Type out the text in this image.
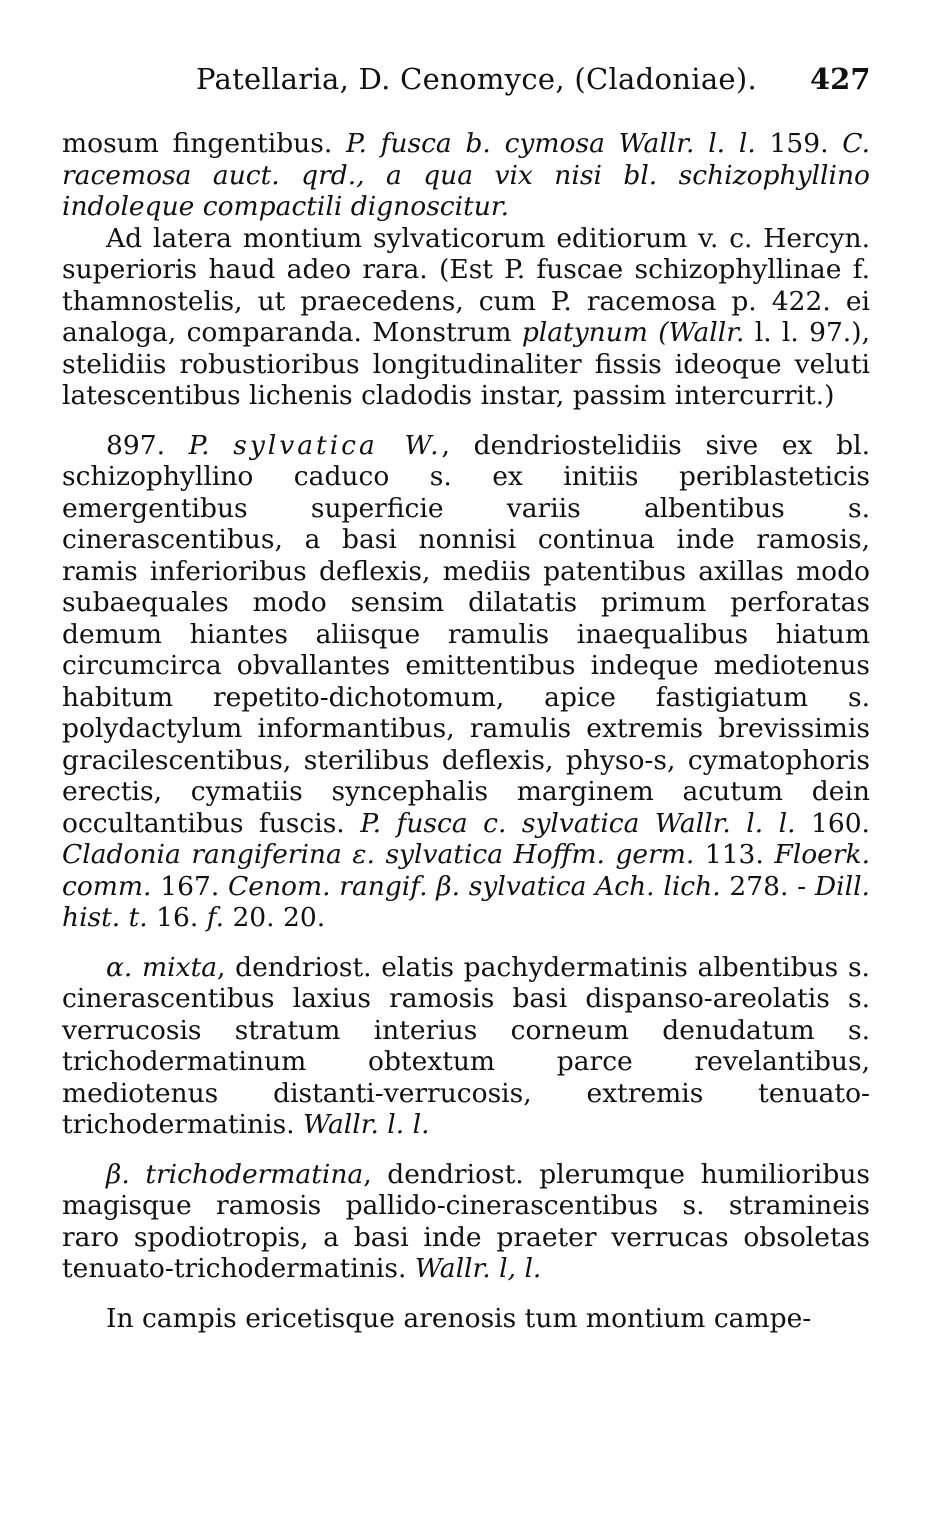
Patellaria, D. Cenomyce, (Cladoniae). 427

mosum fingentibus. P. fusca b. cymosa Wallr. l. l. 159. C. racemosa auct. qrd., a qua vix nisi bl. schizophyllino indoleque compactili dignoscitur.

Ad latera montium sylvaticorum editiorum v. c. Hercyn. superioris haud adeo rara. (Est P. fuscae schizophyllinae f. thamnostelis, ut praecedens, cum P. racemosa p. 422. ei analoga, comparanda. Monstrum platynum (Wallr. l. l. 97.), stelidiis robustioribus longitudinaliter fissis ideoque veluti latescentibus lichenis cladodis instar, passim intercurrit.)

897. P. sylvatica W., dendriostelidiis sive ex bl. schizophyllino caduco s. ex initiis periblasteticis emergentibus superficie variis albentibus s. cinerascentibus, a basi nonnisi continua inde ramosis, ramis inferioribus deflexis, mediis patentibus axillas modo subaequales modo sensim dilatatis primum perforatas demum hiantes aliisque ramulis inaequalibus hiatum circumcirca obvallantes emittentibus indeque mediotenus habitum repetito-dichotomum, apice fastigiatum s. polydactylum informantibus, ramulis extremis brevissimis gracilescentibus, sterilibus deflexis, physo-s, cymatophoris erectis, cymatiis syncephalis marginem acutum dein occultantibus fuscis. P. fusca c. sylvatica Wallr. l. l. 160. Cladonia rangiferina ε. sylvatica Hoffm. germ. 113. Floerk. comm. 167. Cenom. rangif. β. sylvatica Ach. lich. 278. - Dill. hist. t. 16. f. 20. 20.

α. mixta, dendriost. elatis pachydermatinis albentibus s. cinerascentibus laxius ramosis basi dispanso-areolatis s. verrucosis stratum interius corneum denudatum s. trichodermatinum obtextum parce revelantibus, mediotenus distanti-verrucosis, extremis tenuato-trichodermatinis. Wallr. l. l.

β. trichodermatina, dendriost. plerumque humilioribus magisque ramosis pallido-cinerascentibus s. stramineis raro spodiotropis, a basi inde praeter verrucas obsoletas tenuato-trichodermatinis. Wallr. l, l.

In campis ericetisque arenosis tum montium campe-
